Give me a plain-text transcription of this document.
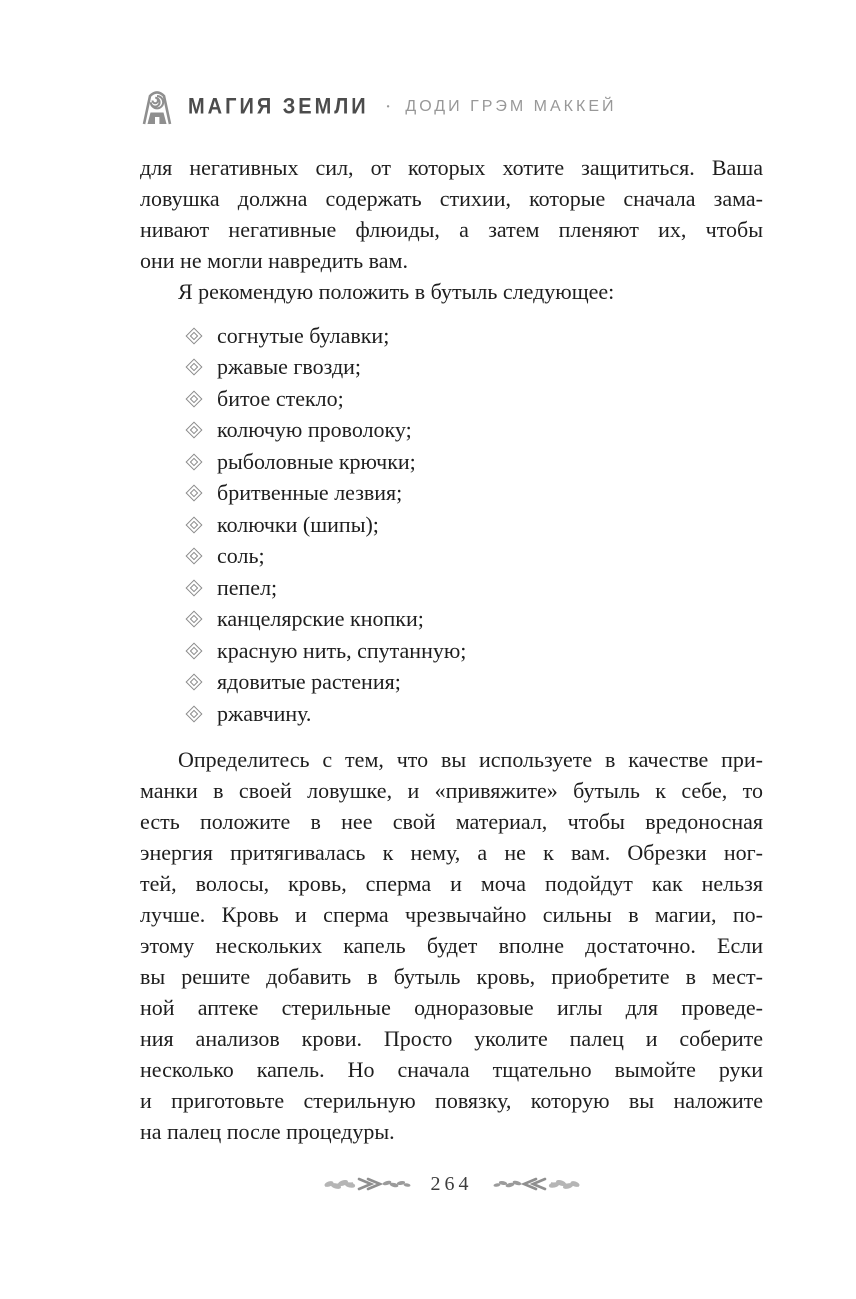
МАГИЯ ЗЕМЛИ · ДОДИ ГРЭМ МАККЕЙ
для негативных сил, от которых хотите защититься. Ваша
ловушка должна содержать стихии, которые сначала зама-
нивают негативные флюиды, а затем пленяют их, чтобы
они не могли навредить вам.
Я рекомендую положить в бутыль следующее:
согнутые булавки;
ржавые гвозди;
битое стекло;
колючую проволоку;
рыболовные крючки;
бритвенные лезвия;
колючки (шипы);
соль;
пепел;
канцелярские кнопки;
красную нить, спутанную;
ядовитые растения;
ржавчину.
Определитесь с тем, что вы используете в качестве при-
манки в своей ловушке, и «привяжите» бутыль к себе, то
есть положите в нее свой материал, чтобы вредоносная
энергия притягивалась к нему, а не к вам. Обрезки ног-
тей, волосы, кровь, сперма и моча подойдут как нельзя
лучше. Кровь и сперма чрезвычайно сильны в магии, по-
этому нескольких капель будет вполне достаточно. Если
вы решите добавить в бутыль кровь, приобретите в мест-
ной аптеке стерильные одноразовые иглы для проведе-
ния анализов крови. Просто уколите палец и соберите
несколько капель. Но сначала тщательно вымойте руки
и приготовьте стерильную повязку, которую вы наложите
на палец после процедуры.
264
